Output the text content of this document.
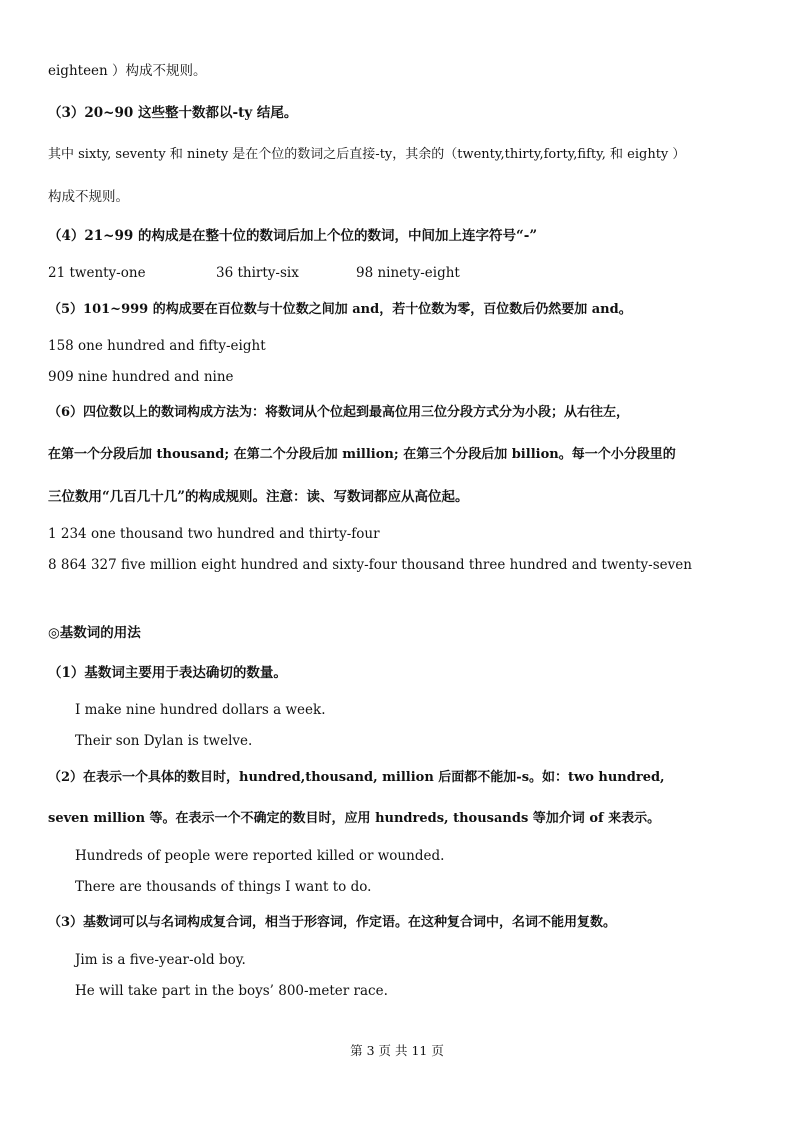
eighteen ）构成不规则。
（3）20~90 这些整十数都以-ty 结尾。
其中 sixty, seventy 和 ninety 是在个位的数词之后直接-ty，其余的（twenty,thirty,forty,fifty, 和 eighty ）
构成不规则。
（4）21~99 的构成是在整十位的数词后加上个位的数词，中间加上连字符号“-”
21 twenty-one	36 thirty-six	98 ninety-eight
（5）101~999 的构成要在百位数与十位数之间加 and，若十位数为零，百位数后仍然要加 and。
158 one hundred and fifty-eight
909 nine hundred and nine
（6）四位数以上的数词构成方法为：将数词从个位起到最高位用三位分段方式分为小段；从右往左，
在第一个分段后加 thousand; 在第二个分段后加 million; 在第三个分段后加 billion。每一个小分段里的
三位数用“几百几十几”的构成规则。注意：读、写数词都应从高位起。
1 234 one thousand two hundred and thirty-four
8 864 327 five million eight hundred and sixty-four thousand three hundred and twenty-seven
◎基数词的用法
（1）基数词主要用于表达确切的数量。
I make nine hundred dollars a week.
Their son Dylan is twelve.
（2）在表示一个具体的数目时，hundred,thousand, million 后面都不能加-s。如：two hundred,
seven million 等。在表示一个不确定的数目时，应用 hundreds, thousands 等加介词 of 来表示。
Hundreds of people were reported killed or wounded.
There are thousands of things I want to do.
（3）基数词可以与名词构成复合词，相当于形容词，作定语。在这种复合词中，名词不能用复数。
Jim is a five-year-old boy.
He will take part in the boys’ 800-meter race.
第 3 页 共 11 页
